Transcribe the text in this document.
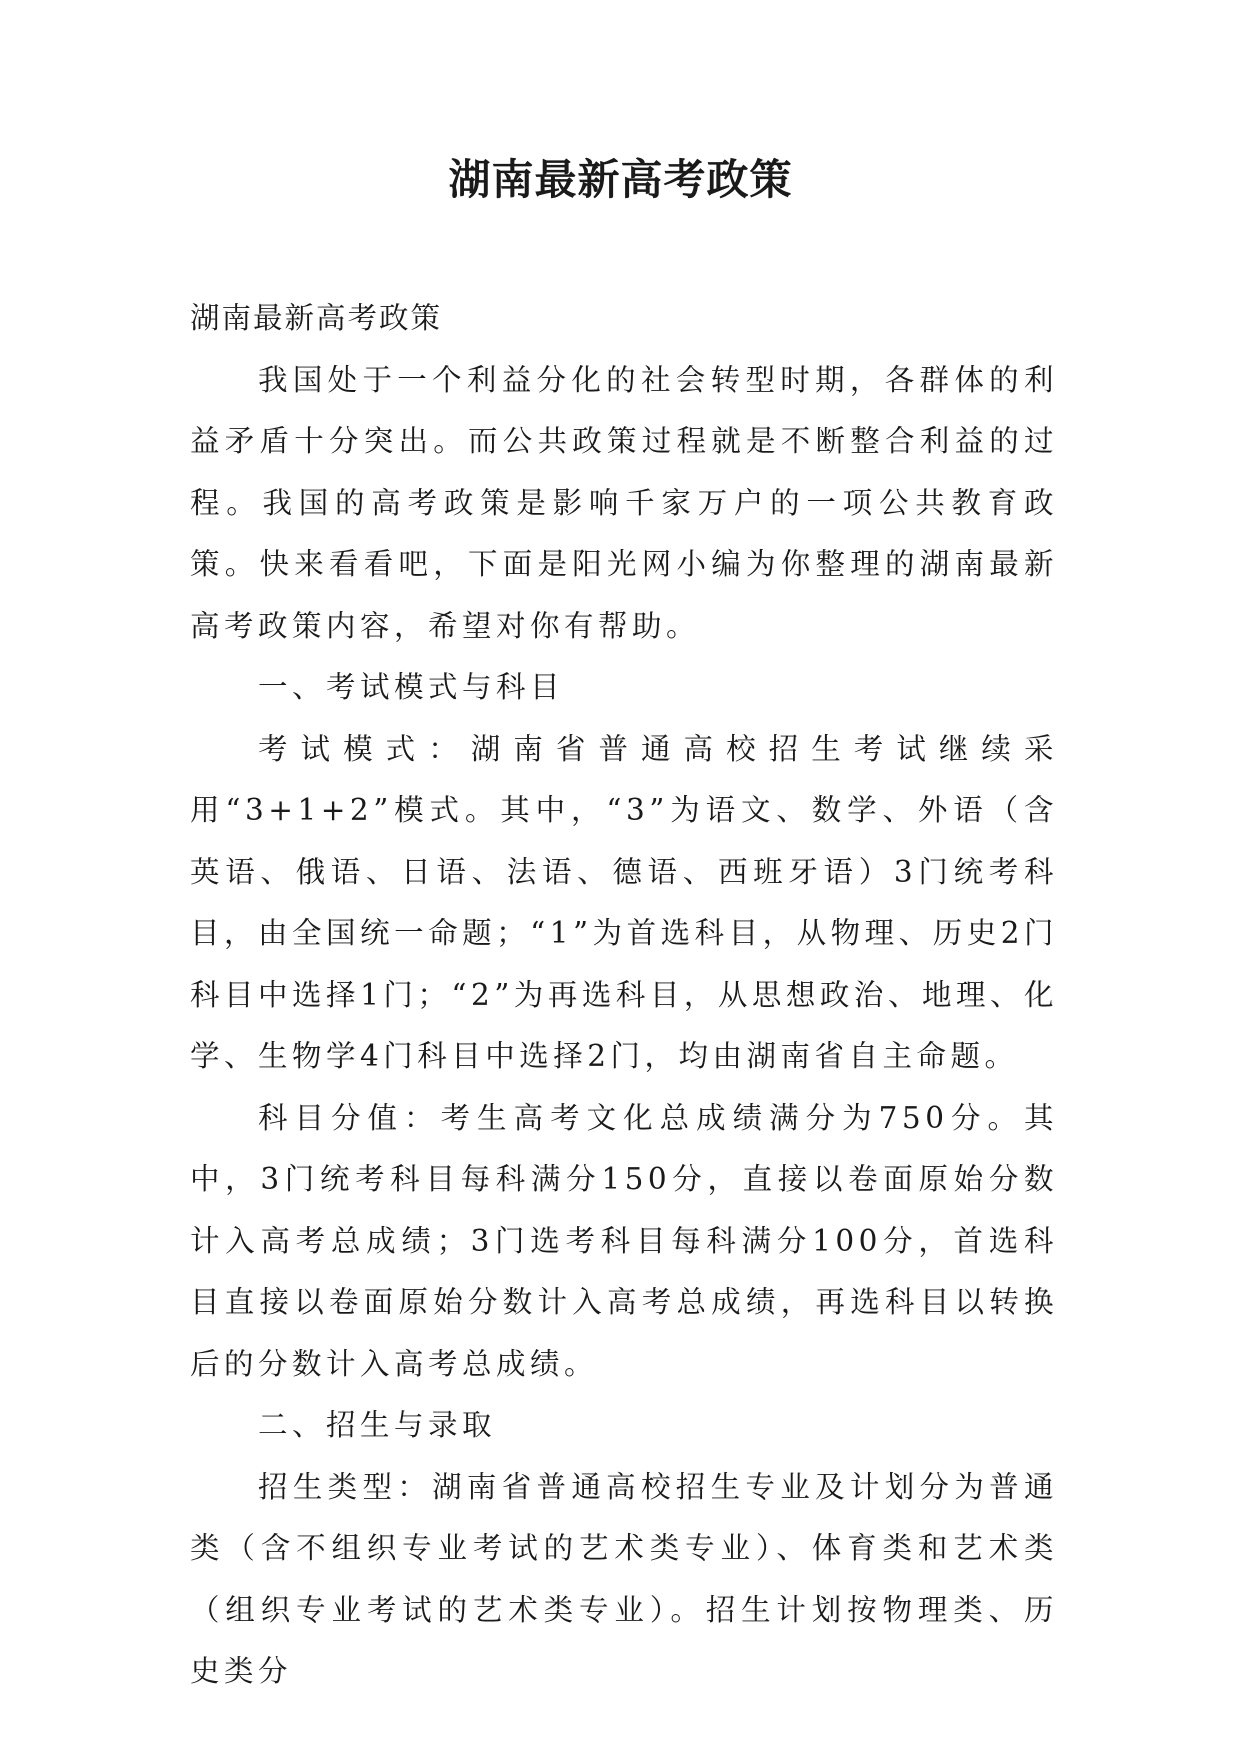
湖南最新高考政策

湖南最新高考政策

我国处于一个利益分化的社会转型时期，各群体的利益矛盾十分突出。而公共政策过程就是不断整合利益的过程。我国的高考政策是影响千家万户的一项公共教育政策。快来看看吧，下面是阳光网小编为你整理的湖南最新高考政策内容，希望对你有帮助。

一、考试模式与科目

考试模式：湖南省普通高校招生考试继续采用“3+1+2”模式。其中，“3”为语文、数学、外语（含英语、俄语、日语、法语、德语、西班牙语）3门统考科目，由全国统一命题；“1”为首选科目，从物理、历史2门科目中选择1门；“2”为再选科目，从思想政治、地理、化学、生物学4门科目中选择2门，均由湖南省自主命题。

科目分值：考生高考文化总成绩满分为750分。其中，3门统考科目每科满分150分，直接以卷面原始分数计入高考总成绩；3门选考科目每科满分100分，首选科目直接以卷面原始分数计入高考总成绩，再选科目以转换后的分数计入高考总成绩。

二、招生与录取

招生类型：湖南省普通高校招生专业及计划分为普通类（含不组织专业考试的艺术类专业）、体育类和艺术类（组织专业考试的艺术类专业）。招生计划按物理类、历史类分
